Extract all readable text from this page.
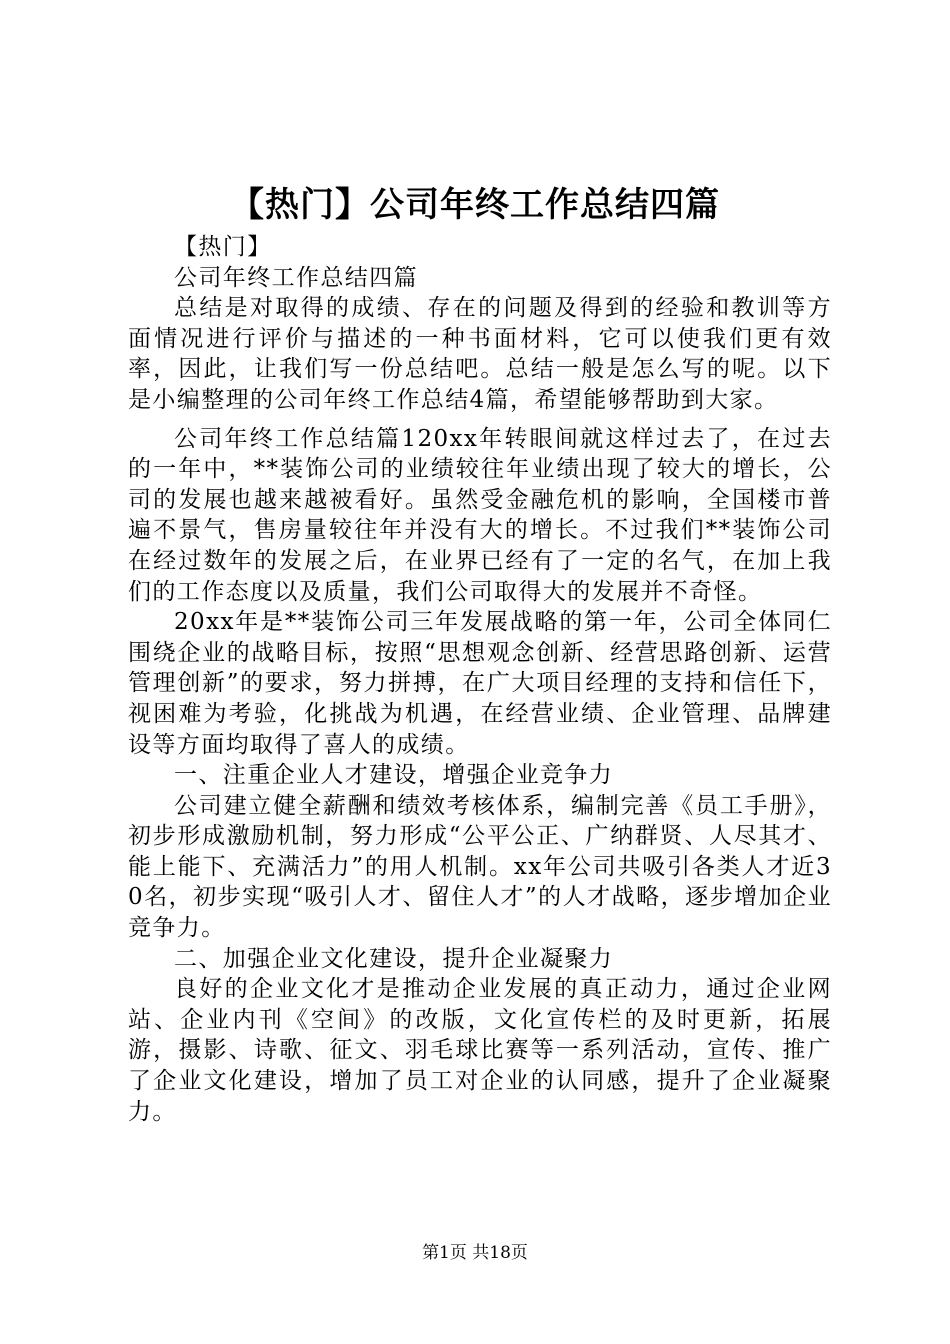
【热门】公司年终工作总结四篇

【热门】

公司年终工作总结四篇

总结是对取得的成绩、存在的问题及得到的经验和教训等方面情况进行评价与描述的一种书面材料，它可以使我们更有效率，因此，让我们写一份总结吧。总结一般是怎么写的呢。以下是小编整理的公司年终工作总结4篇，希望能够帮助到大家。

公司年终工作总结篇120xx年转眼间就这样过去了，在过去的一年中，**装饰公司的业绩较往年业绩出现了较大的增长，公司的发展也越来越被看好。虽然受金融危机的影响，全国楼市普遍不景气，售房量较往年并没有大的增长。不过我们**装饰公司在经过数年的发展之后，在业界已经有了一定的名气，在加上我们的工作态度以及质量，我们公司取得大的发展并不奇怪。

20xx年是**装饰公司三年发展战略的第一年，公司全体同仁围绕企业的战略目标，按照“思想观念创新、经营思路创新、运营管理创新”的要求，努力拼搏，在广大项目经理的支持和信任下，视困难为考验，化挑战为机遇，在经营业绩、企业管理、品牌建设等方面均取得了喜人的成绩。

一、注重企业人才建设，增强企业竞争力

公司建立健全薪酬和绩效考核体系，编制完善《员工手册》，初步形成激励机制，努力形成“公平公正、广纳群贤、人尽其才、能上能下、充满活力”的用人机制。xx年公司共吸引各类人才近30名，初步实现“吸引人才、留住人才”的人才战略，逐步增加企业竞争力。

二、加强企业文化建设，提升企业凝聚力

良好的企业文化才是推动企业发展的真正动力，通过企业网站、企业内刊《空间》的改版，文化宣传栏的及时更新，拓展游，摄影、诗歌、征文、羽毛球比赛等一系列活动，宣传、推广了企业文化建设，增加了员工对企业的认同感，提升了企业凝聚力。

第1页 共18页
